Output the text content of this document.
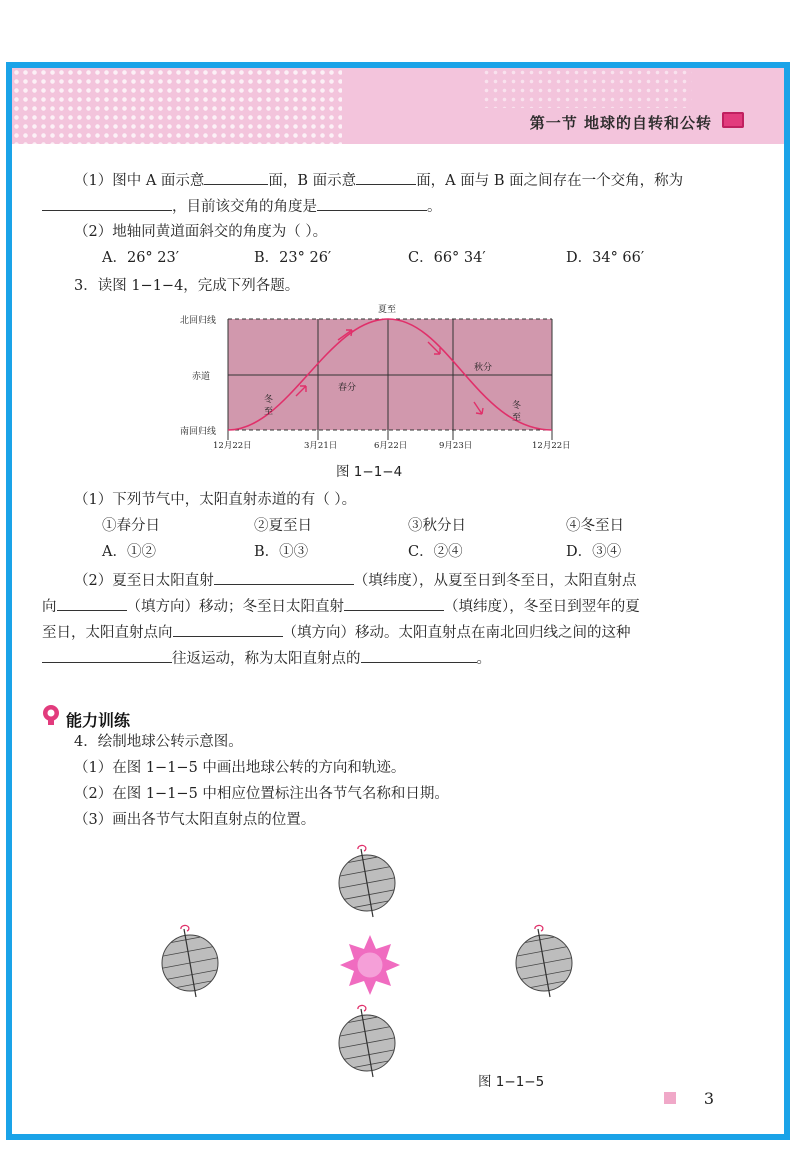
第一节 地球的自转和公转
（1）图中 A 面示意	面，B 面示意	面，A 面与 B 面之间存在一个交角，称为
，目前该交角的角度是	。
（2）地轴同黄道面斜交的角度为（ ）。
A．26° 23′	B．23° 26′	C．66° 34′	D．34° 66′
3．读图 1−1−4，完成下列各题。
北回归线
赤道
南回归线
夏至
春分
秋分
冬
至
冬
至
12月22日	3月21日	6月22日	9月23日	12月22日
图 1−1−4
（1）下列节气中，太阳直射赤道的有（ ）。
①春分日	②夏至日	③秋分日	④冬至日
A．①②	B．①③	C．②④	D．③④
（2）夏至日太阳直射	（填纬度），从夏至日到冬至日，太阳直射点
向	（填方向）移动；冬至日太阳直射	（填纬度），冬至日到翌年的夏
至日，太阳直射点向	（填方向）移动。太阳直射点在南北回归线之间的这种
往返运动，称为太阳直射点的	。
能力训练
4．绘制地球公转示意图。
（1）在图 1−1−5 中画出地球公转的方向和轨迹。
（2）在图 1−1−5 中相应位置标注出各节气名称和日期。
（3）画出各节气太阳直射点的位置。
图 1−1−5
3
